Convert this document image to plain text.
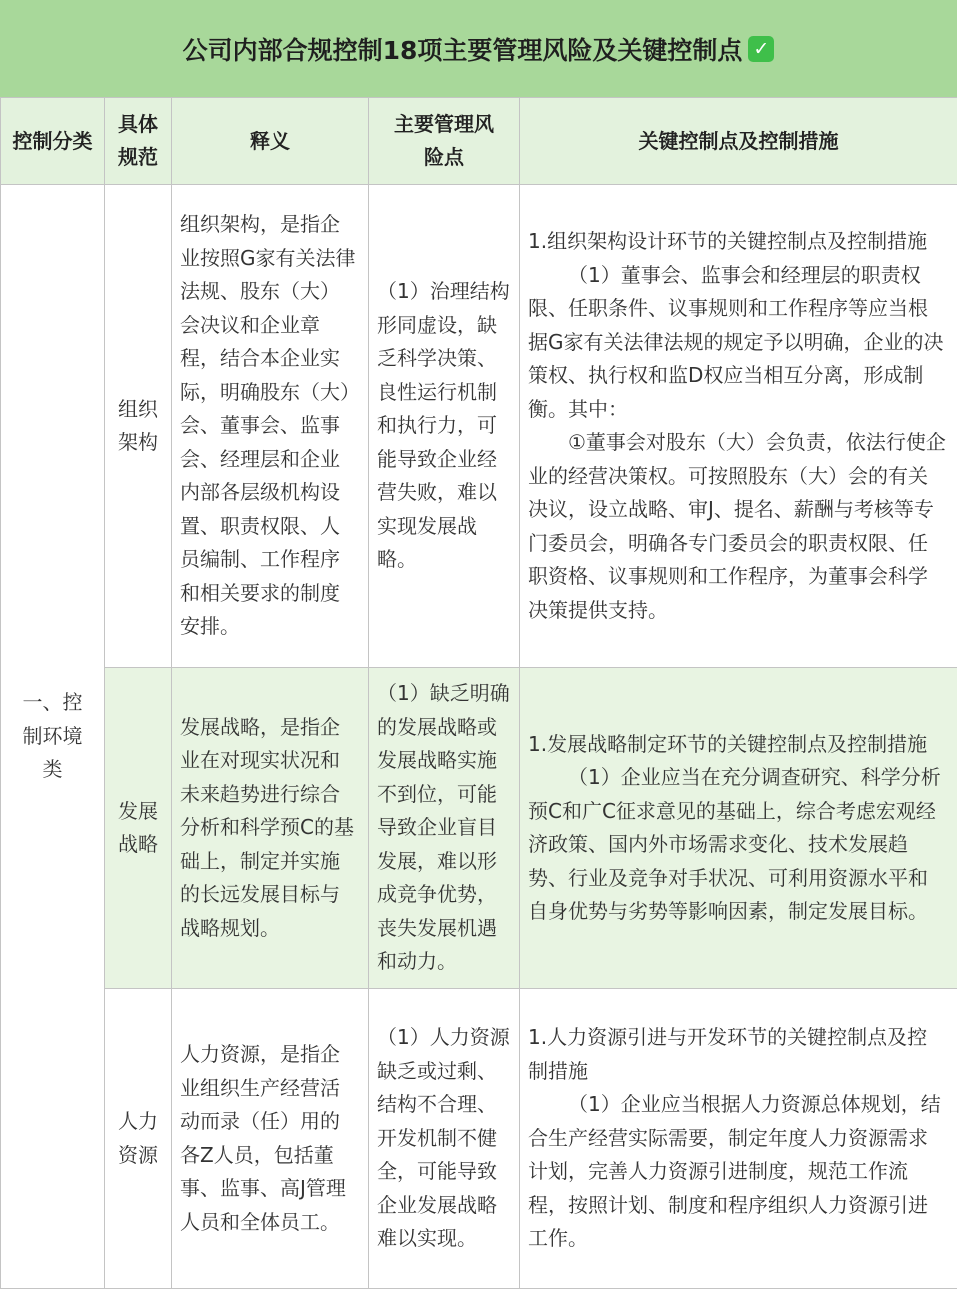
公司内部合规控制18项主要管理风险及关键控制点 ✓
控制分类	具体规范	释义	主要管理风险点	关键控制点及控制措施

一、控制环境类	组织架构	组织架构，是指企业按照G家有关法律法规、股东（大）会决议和企业章程，结合本企业实际，明确股东（大）会、董事会、监事会、经理层和企业内部各层级机构设置、职责权限、人员编制、工作程序和相关要求的制度安排。	（1）治理结构形同虚设，缺乏科学决策、良性运行机制和执行力，可能导致企业经营失败，难以实现发展战略。	1.组织架构设计环节的关键控制点及控制措施
（1）董事会、监事会和经理层的职责权限、任职条件、议事规则和工作程序等应当根据G家有关法律法规的规定予以明确，企业的决策权、执行权和监D权应当相互分离，形成制衡。其中：
①董事会对股东（大）会负责，依法行使企业的经营决策权。可按照股东（大）会的有关决议，设立战略、审J、提名、薪酬与考核等专门委员会，明确各专门委员会的职责权限、任职资格、议事规则和工作程序，为董事会科学决策提供支持。

	发展战略	发展战略，是指企业在对现实状况和未来趋势进行综合分析和科学预C的基础上，制定并实施的长远发展目标与战略规划。	（1）缺乏明确的发展战略或发展战略实施不到位，可能导致企业盲目发展，难以形成竞争优势，丧失发展机遇和动力。	1.发展战略制定环节的关键控制点及控制措施
（1）企业应当在充分调查研究、科学分析预C和广C征求意见的基础上，综合考虑宏观经济政策、国内外市场需求变化、技术发展趋势、行业及竞争对手状况、可利用资源水平和自身优势与劣势等影响因素，制定发展目标。

	人力资源	人力资源，是指企业组织生产经营活动而录（任）用的各Z人员，包括董事、监事、高J管理人员和全体员工。	（1）人力资源缺乏或过剩、结构不合理、开发机制不健全，可能导致企业发展战略难以实现。	1.人力资源引进与开发环节的关键控制点及控制措施
（1）企业应当根据人力资源总体规划，结合生产经营实际需要，制定年度人力资源需求计划，完善人力资源引进制度，规范工作流程，按照计划、制度和程序组织人力资源引进工作。
